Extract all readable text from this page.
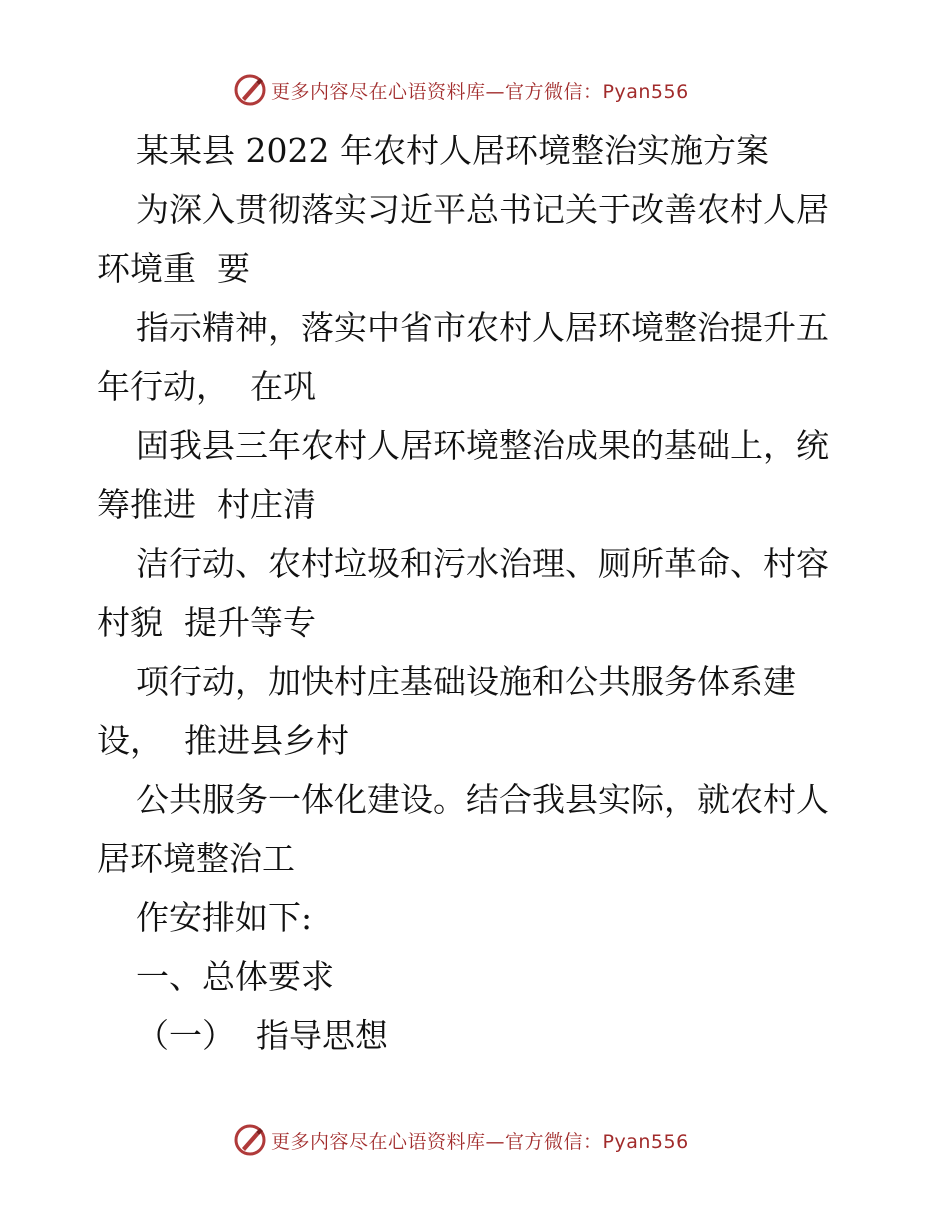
更多内容尽在心语资料库—官方微信：Pyan556

某某县 2022 年农村人居环境整治实施方案

为深入贯彻落实习近平总书记关于改善农村人居

环境重  要

指示精神，落实中省市农村人居环境整治提升五

年行动，  在巩

固我县三年农村人居环境整治成果的基础上，统

筹推进  村庄清

洁行动、农村垃圾和污水治理、厕所革命、村容

村貌  提升等专

项行动，加快村庄基础设施和公共服务体系建

设，  推进县乡村

公共服务一体化建设。结合我县实际，就农村人

居环境整治工

作安排如下:

一、总体要求

（一）  指导思想

更多内容尽在心语资料库—官方微信：Pyan556
